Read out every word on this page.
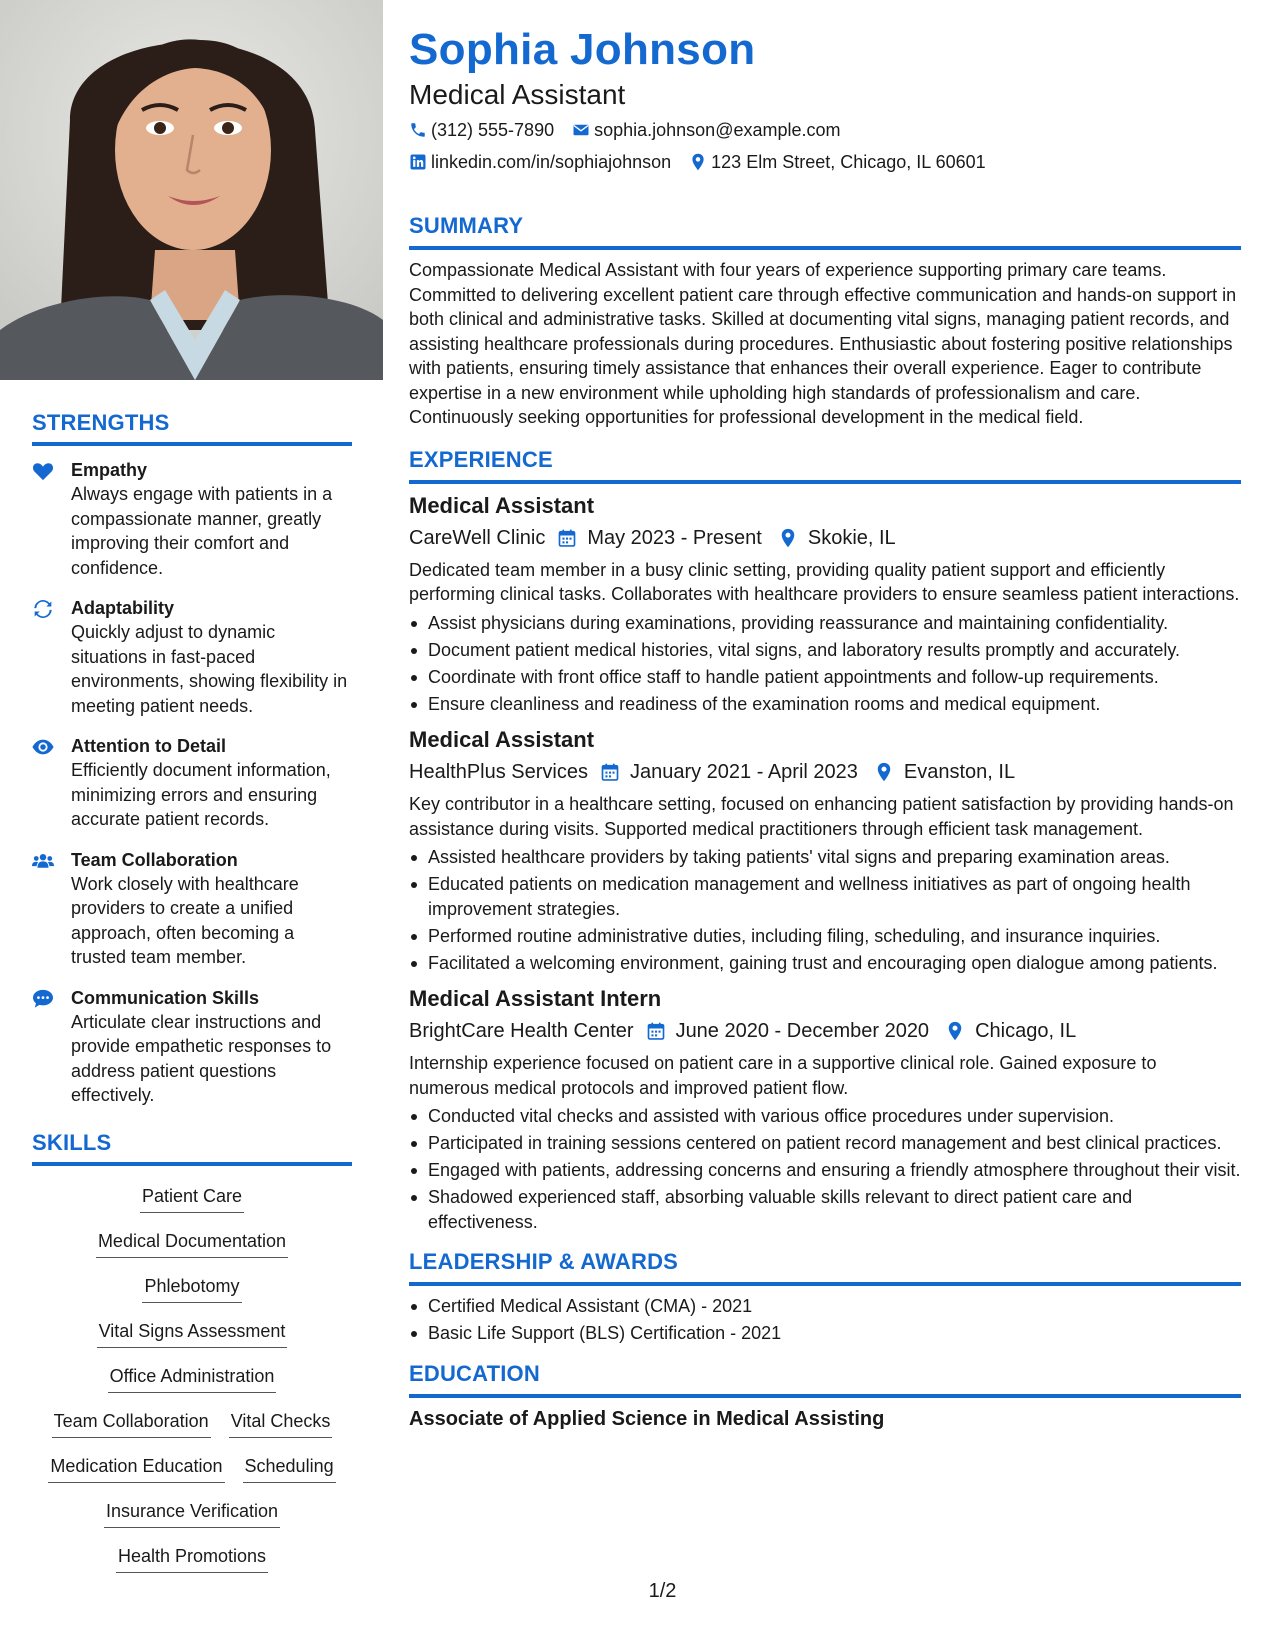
STRENGTHS
Empathy
Always engage with patients in a compassionate manner, greatly improving their comfort and confidence.
Adaptability
Quickly adjust to dynamic situations in fast-paced environments, showing flexibility in meeting patient needs.
Attention to Detail
Efficiently document information, minimizing errors and ensuring accurate patient records.
Team Collaboration
Work closely with healthcare providers to create a unified approach, often becoming a trusted team member.
Communication Skills
Articulate clear instructions and provide empathetic responses to address patient questions effectively.
SKILLS
Patient Care
Medical Documentation
Phlebotomy
Vital Signs Assessment
Office Administration
Team Collaboration Vital Checks
Medication Education Scheduling
Insurance Verification
Health Promotions
Sophia Johnson
Medical Assistant
(312) 555-7890 sophia.johnson@example.com
linkedin.com/in/sophiajohnson 123 Elm Street, Chicago, IL 60601
SUMMARY

Compassionate Medical Assistant with four years of experience supporting primary care teams. Committed to delivering excellent patient care through effective communication and hands-on support in both clinical and administrative tasks. Skilled at documenting vital signs, managing patient records, and assisting healthcare professionals during procedures. Enthusiastic about fostering positive relationships with patients, ensuring timely assistance that enhances their overall experience. Eager to contribute expertise in a new environment while upholding high standards of professionalism and care. Continuously seeking opportunities for professional development in the medical field.

EXPERIENCE
Medical Assistant
CareWell Clinic May 2023 - Present Skokie, IL

Dedicated team member in a busy clinic setting, providing quality patient support and efficiently performing clinical tasks. Collaborates with healthcare providers to ensure seamless patient interactions.

Assist physicians during examinations, providing reassurance and maintaining confidentiality.
Document patient medical histories, vital signs, and laboratory results promptly and accurately.
Coordinate with front office staff to handle patient appointments and follow-up requirements.
Ensure cleanliness and readiness of the examination rooms and medical equipment.
Medical Assistant
HealthPlus Services January 2021 - April 2023 Evanston, IL

Key contributor in a healthcare setting, focused on enhancing patient satisfaction by providing hands-on assistance during visits. Supported medical practitioners through efficient task management.

Assisted healthcare providers by taking patients' vital signs and preparing examination areas.
Educated patients on medication management and wellness initiatives as part of ongoing health improvement strategies.
Performed routine administrative duties, including filing, scheduling, and insurance inquiries.
Facilitated a welcoming environment, gaining trust and encouraging open dialogue among patients.
Medical Assistant Intern
BrightCare Health Center June 2020 - December 2020 Chicago, IL

Internship experience focused on patient care in a supportive clinical role. Gained exposure to numerous medical protocols and improved patient flow.

Conducted vital checks and assisted with various office procedures under supervision.
Participated in training sessions centered on patient record management and best clinical practices.
Engaged with patients, addressing concerns and ensuring a friendly atmosphere throughout their visit.
Shadowed experienced staff, absorbing valuable skills relevant to direct patient care and effectiveness.
LEADERSHIP & AWARDS
Certified Medical Assistant (CMA) - 2021
Basic Life Support (BLS) Certification - 2021
EDUCATION
Associate of Applied Science in Medical Assisting
1/2
